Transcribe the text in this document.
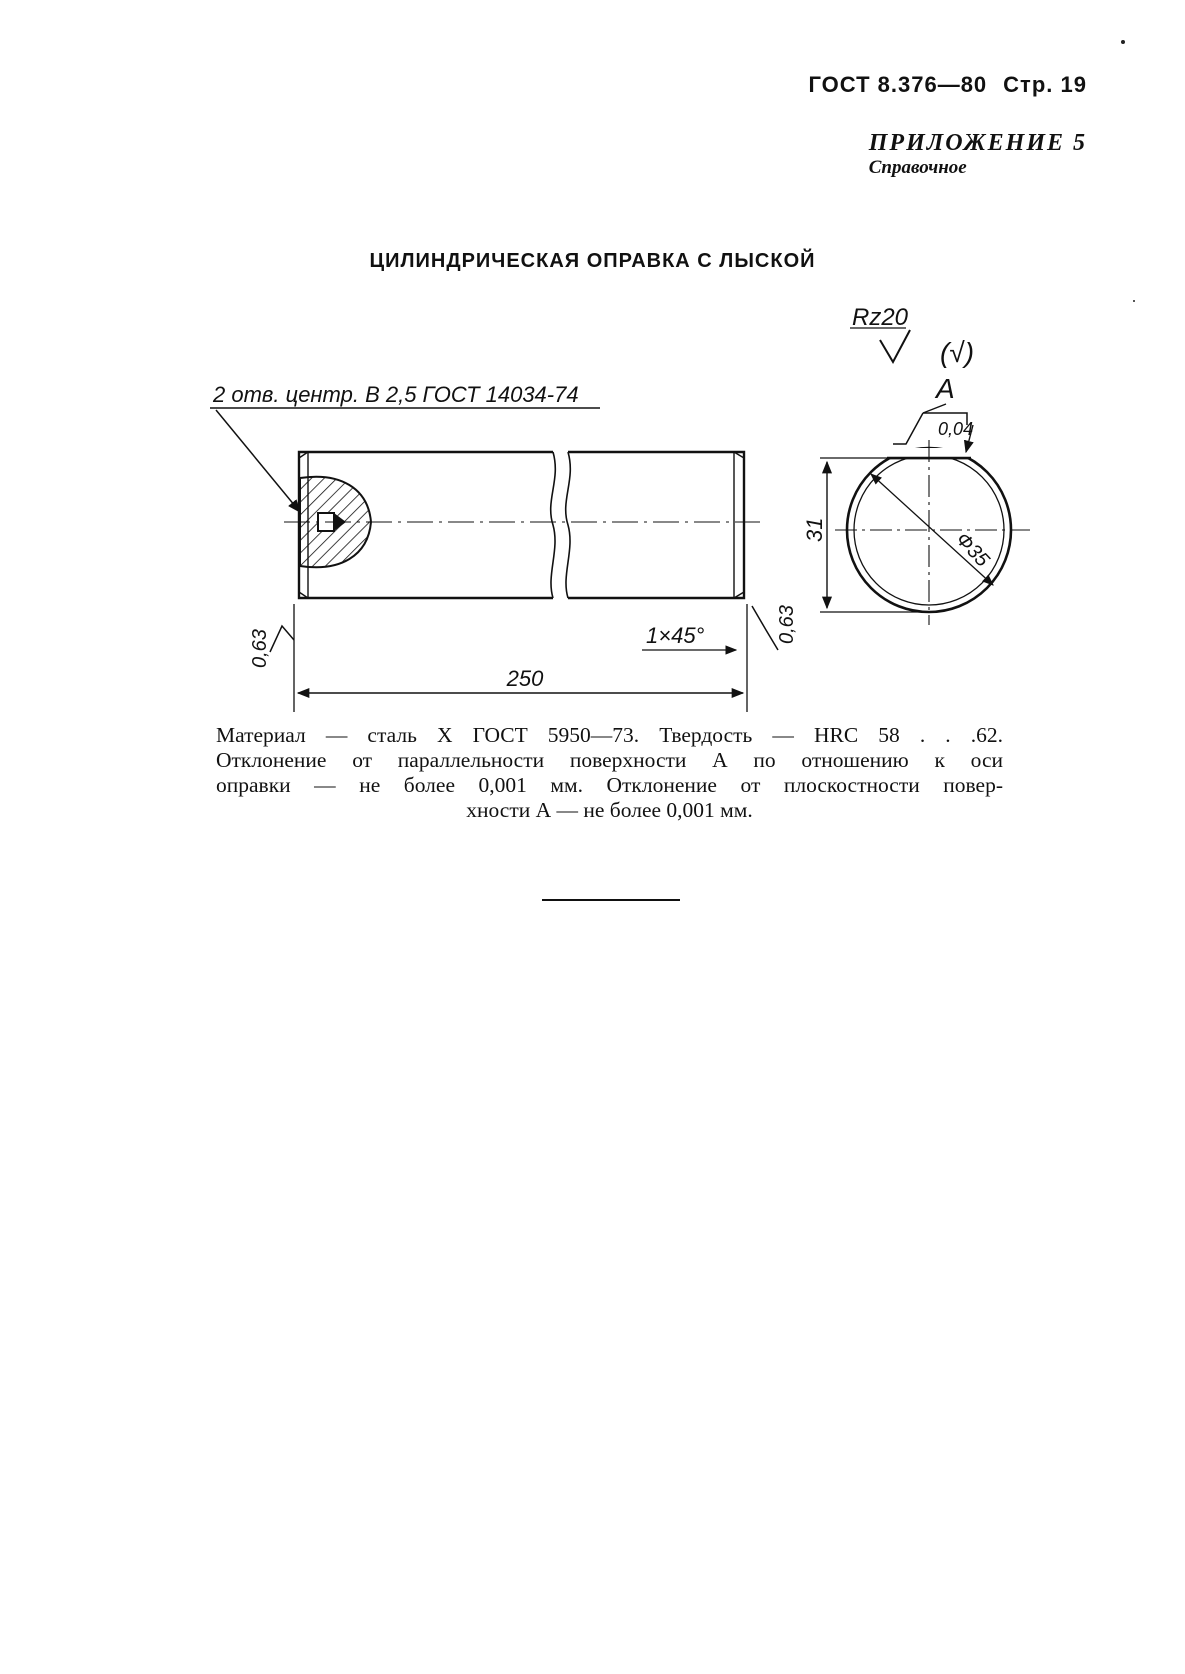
ГОСТ 8.376—80 Стр. 19
ПРИЛОЖЕНИЕ 5
Справочное
ЦИЛИНДРИЧЕСКАЯ ОПРАВКА С ЛЫСКОЙ
2 отв. центр. В 2,5 ГОСТ 14034-74
250
1×45°
0,63
0,63
Rz20
(√)
Ф35
31
А
0,04
Материал — сталь Х ГОСТ 5950—73. Твердость — HRC 58 . . .62.
Отклонение от параллельности поверхности А по отношению к оси
оправки — не более 0,001 мм. Отклонение от плоскостности повер-
хности А — не более 0,001 мм.
